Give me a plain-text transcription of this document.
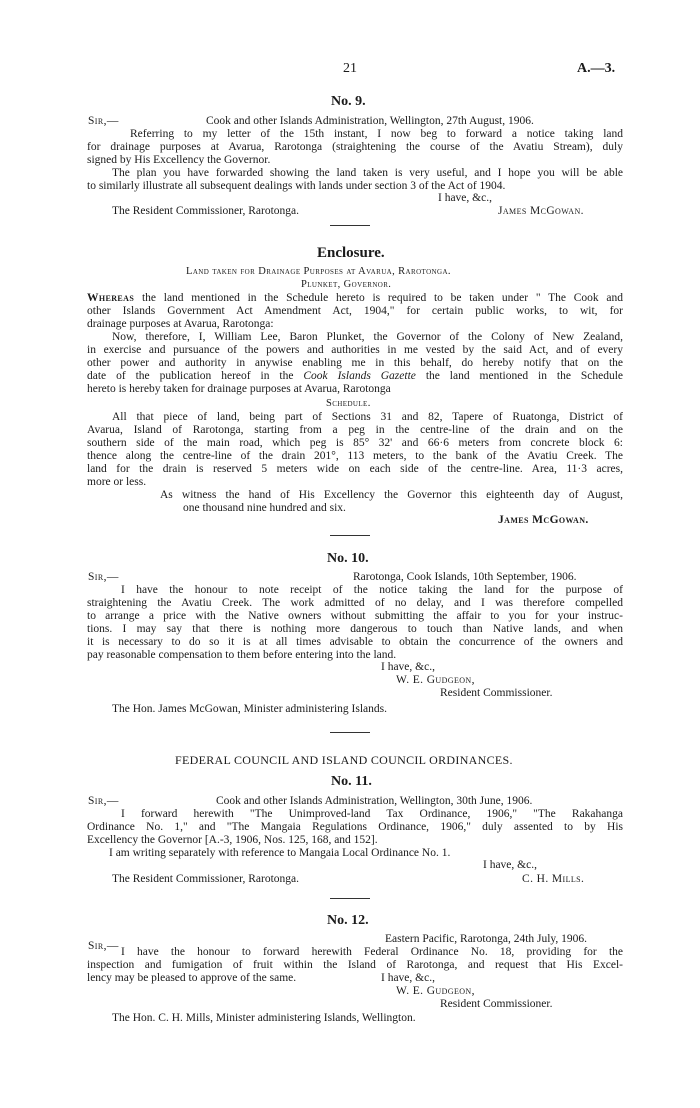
21	A.—3.
No. 9.
Sir,—	Cook and other Islands Administration, Wellington, 27th August, 1906.
Referring to my letter of the 15th instant, I now beg to forward a notice taking land
for drainage purposes at Avarua, Rarotonga (straightening the course of the Avatiu Stream), duly
signed by His Excellency the Governor.
The plan you have forwarded showing the land taken is very useful, and I hope you will be able
to similarly illustrate all subsequent dealings with lands under section 3 of the Act of 1904.
I have, &c.,
The Resident Commissioner, Rarotonga.	James McGowan.
Enclosure.
Land taken for Drainage Purposes at Avarua, Rarotonga.
Plunket, Governor.
Whereas the land mentioned in the Schedule hereto is required to be taken under " The Cook and
other Islands Government Act Amendment Act, 1904," for certain public works, to wit, for
drainage purposes at Avarua, Rarotonga:
Now, therefore, I, William Lee, Baron Plunket, the Governor of the Colony of New Zealand,
in exercise and pursuance of the powers and authorities in me vested by the said Act, and of every
other power and authority in anywise enabling me in this behalf, do hereby notify that on the
date of the publication hereof in the Cook Islands Gazette the land mentioned in the Schedule
hereto is hereby taken for drainage purposes at Avarua, Rarotonga
Schedule.
All that piece of land, being part of Sections 31 and 82, Tapere of Ruatonga, District of
Avarua, Island of Rarotonga, starting from a peg in the centre-line of the drain and on the
southern side of the main road, which peg is 85° 32' and 66·6 meters from concrete block 6:
thence along the centre-line of the drain 201°, 113 meters, to the bank of the Avatiu Creek. The
land for the drain is reserved 5 meters wide on each side of the centre-line. Area, 11·3 acres,
more or less.
As witness the hand of His Excellency the Governor this eighteenth day of August,
one thousand nine hundred and six.
James McGowan.
No. 10.
Sir,—	Rarotonga, Cook Islands, 10th September, 1906.
I have the honour to note receipt of the notice taking the land for the purpose of
straightening the Avatiu Creek. The work admitted of no delay, and I was therefore compelled
to arrange a price with the Native owners without submitting the affair to you for your instruc-
tions. I may say that there is nothing more dangerous to touch than Native lands, and when
it is necessary to do so it is at all times advisable to obtain the concurrence of the owners and
pay reasonable compensation to them before entering into the land.
I have, &c.,
W. E. Gudgeon,
Resident Commissioner.
The Hon. James McGowan, Minister administering Islands.
FEDERAL COUNCIL AND ISLAND COUNCIL ORDINANCES.
No. 11.
Sir,—	Cook and other Islands Administration, Wellington, 30th June, 1906.
I forward herewith "The Unimproved-land Tax Ordinance, 1906," "The Rakahanga
Ordinance No. 1," and "The Mangaia Regulations Ordinance, 1906," duly assented to by His
Excellency the Governor [A.-3, 1906, Nos. 125, 168, and 152].
I am writing separately with reference to Mangaia Local Ordinance No. 1.
I have, &c.,
The Resident Commissioner, Rarotonga.	C. H. Mills.
No. 12.
Eastern Pacific, Rarotonga, 24th July, 1906.
Sir,— I have the honour to forward herewith Federal Ordinance No. 18, providing for the
inspection and fumigation of fruit within the Island of Rarotonga, and request that His Excel-
lency may be pleased to approve of the same.	I have, &c.,
W. E. Gudgeon,
Resident Commissioner.
The Hon. C. H. Mills, Minister administering Islands, Wellington.
